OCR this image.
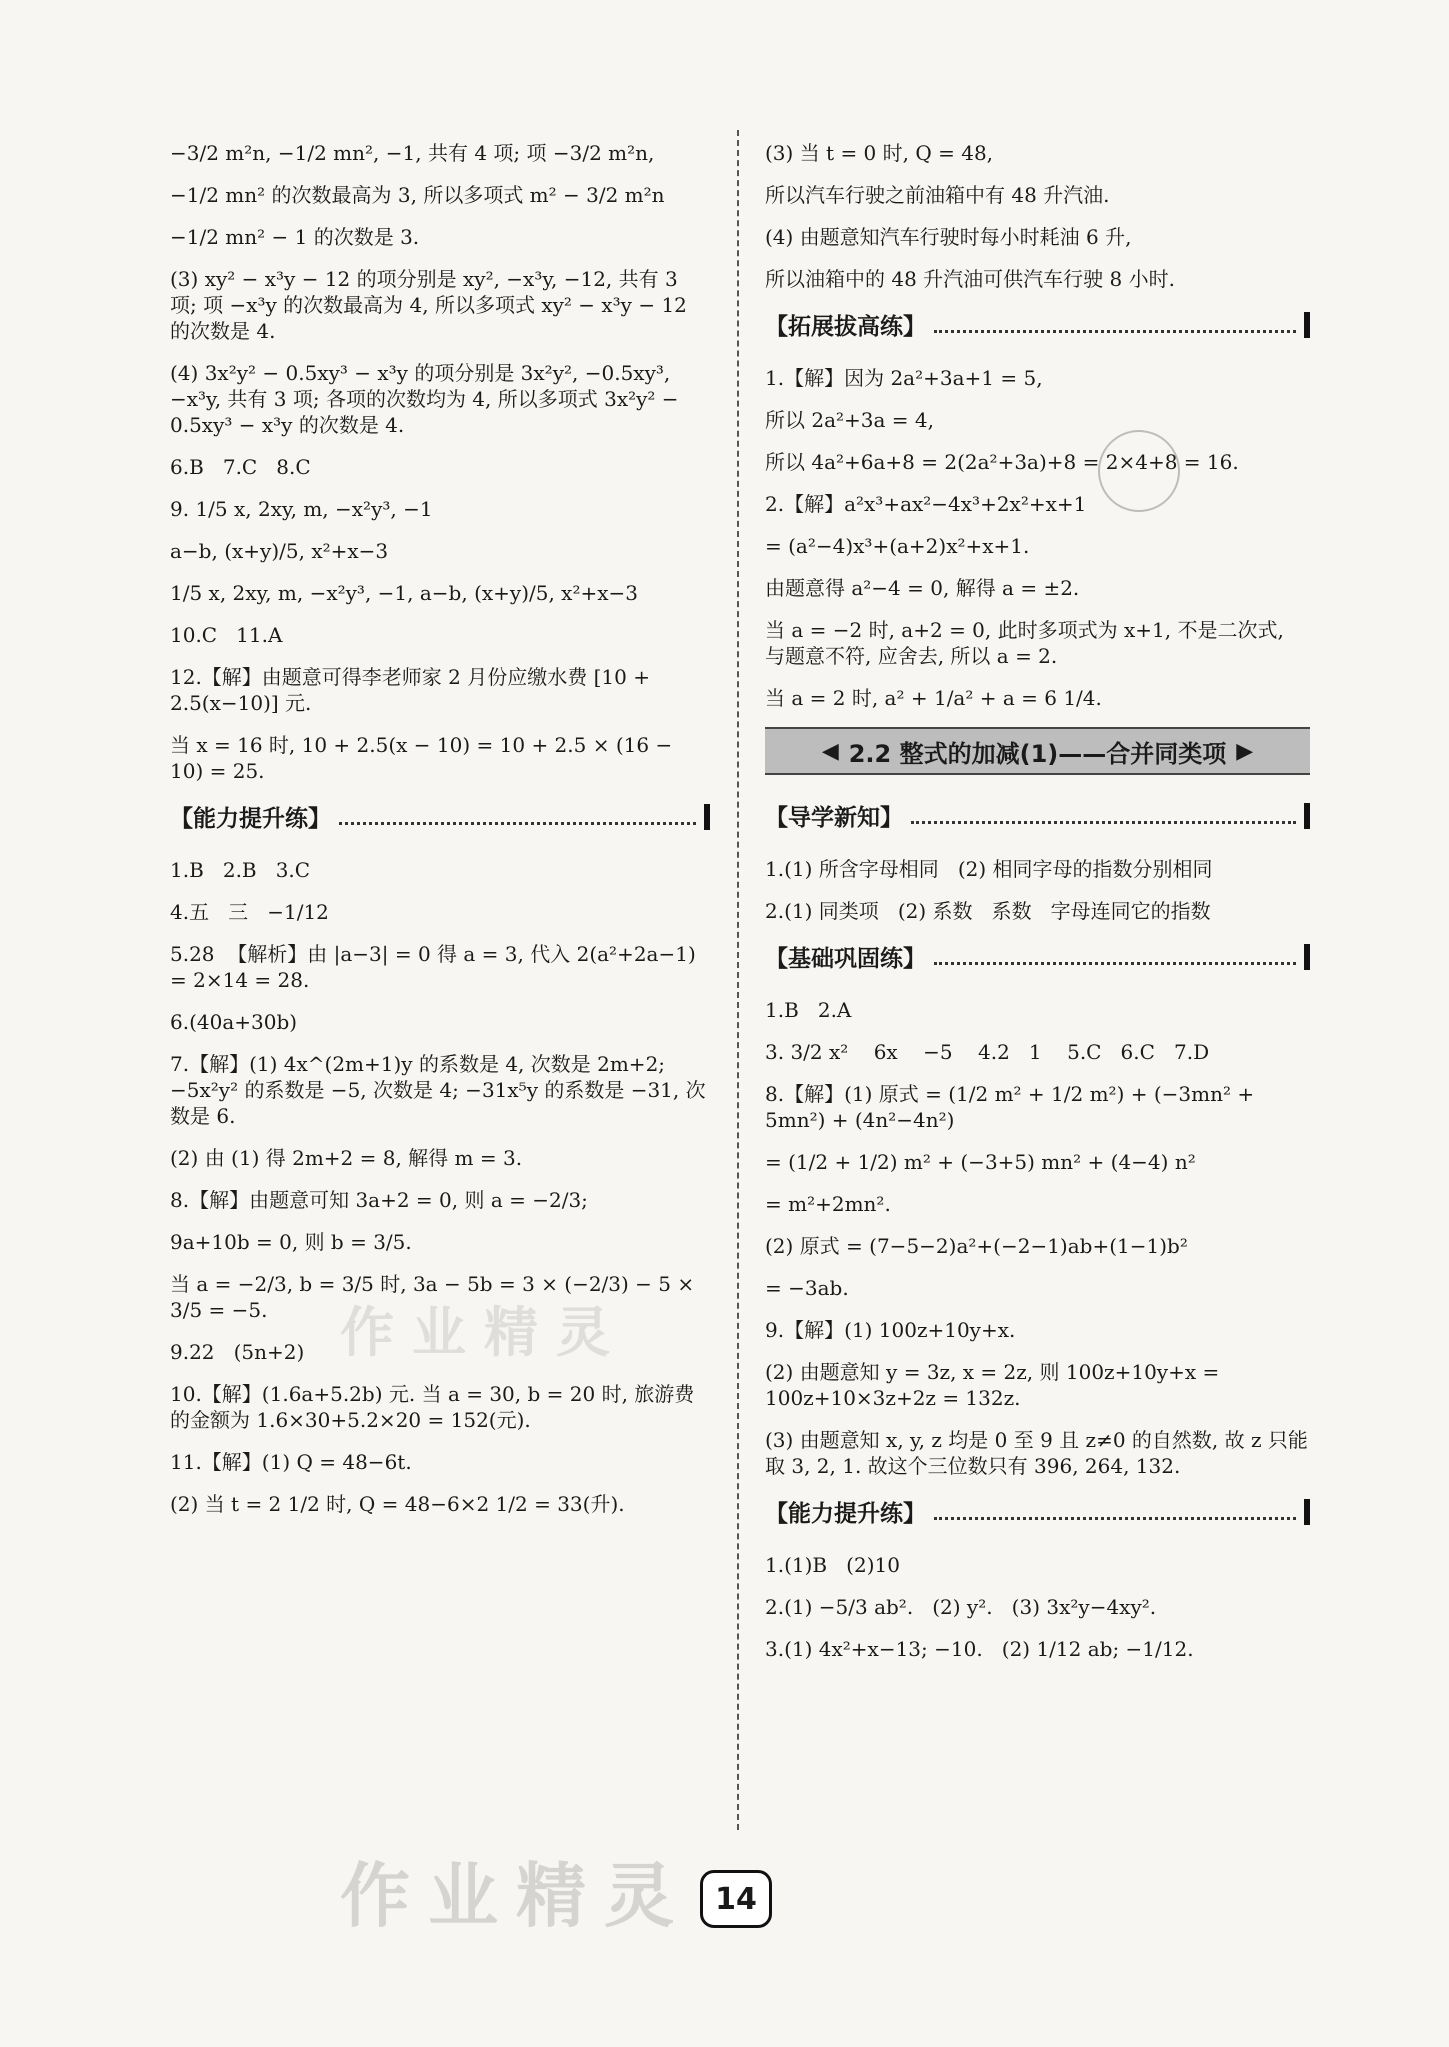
−3/2 m²n, −1/2 mn², −1, 共有 4 项; 项 −3/2 m²n,
−1/2 mn² 的次数最高为 3, 所以多项式 m² − 3/2 m²n
−1/2 mn² − 1 的次数是 3.
(3) xy² − x³y − 12 的项分别是 xy², −x³y, −12, 共有 3 项; 项 −x³y 的次数最高为 4, 所以多项式 xy² − x³y − 12 的次数是 4.
(4) 3x²y² − 0.5xy³ − x³y 的项分别是 3x²y², −0.5xy³, −x³y, 共有 3 项; 各项的次数均为 4, 所以多项式 3x²y² − 0.5xy³ − x³y 的次数是 4.
6.B   7.C   8.C
9. 1/5 x, 2xy, m, −x²y³, −1
a−b, (x+y)/5, x²+x−3
1/5 x, 2xy, m, −x²y³, −1, a−b, (x+y)/5, x²+x−3
10.C   11.A
12.【解】由题意可得李老师家 2 月份应缴水费 [10 + 2.5(x−10)] 元.
当 x = 16 时, 10 + 2.5(x − 10) = 10 + 2.5 × (16 − 10) = 25.
【能力提升练】
1.B   2.B   3.C
4.五   三   −1/12
5.28  【解析】由 |a−3| = 0 得 a = 3, 代入 2(a²+2a−1) = 2×14 = 28.
6.(40a+30b)
7.【解】(1) 4x^(2m+1)y 的系数是 4, 次数是 2m+2; −5x²y² 的系数是 −5, 次数是 4; −31x⁵y 的系数是 −31, 次数是 6.
(2) 由 (1) 得 2m+2 = 8, 解得 m = 3.
8.【解】由题意可知 3a+2 = 0, 则 a = −2/3;
9a+10b = 0, 则 b = 3/5.
当 a = −2/3, b = 3/5 时, 3a − 5b = 3 × (−2/3) − 5 × 3/5 = −5.
9.22   (5n+2)
10.【解】(1.6a+5.2b) 元. 当 a = 30, b = 20 时, 旅游费的金额为 1.6×30+5.2×20 = 152(元).
11.【解】(1) Q = 48−6t.
(2) 当 t = 2 1/2 时, Q = 48−6×2 1/2 = 33(升).
(3) 当 t = 0 时, Q = 48,
所以汽车行驶之前油箱中有 48 升汽油.
(4) 由题意知汽车行驶时每小时耗油 6 升,
所以油箱中的 48 升汽油可供汽车行驶 8 小时.
【拓展拔高练】
1.【解】因为 2a²+3a+1 = 5,
所以 2a²+3a = 4,
所以 4a²+6a+8 = 2(2a²+3a)+8 = 2×4+8 = 16.
2.【解】a²x³+ax²−4x³+2x²+x+1
= (a²−4)x³+(a+2)x²+x+1.
由题意得 a²−4 = 0, 解得 a = ±2.
当 a = −2 时, a+2 = 0, 此时多项式为 x+1, 不是二次式, 与题意不符, 应舍去, 所以 a = 2.
当 a = 2 时, a² + 1/a² + a = 6 1/4.
◀ 2.2 整式的加减(1)——合并同类项 ▶
【导学新知】
1.(1) 所含字母相同   (2) 相同字母的指数分别相同
2.(1) 同类项   (2) 系数   系数   字母连同它的指数
【基础巩固练】
1.B   2.A
3. 3/2 x²    6x    −5    4.2   1    5.C   6.C   7.D
8.【解】(1) 原式 = (1/2 m² + 1/2 m²) + (−3mn² + 5mn²) + (4n²−4n²)
= (1/2 + 1/2) m² + (−3+5) mn² + (4−4) n²
= m²+2mn².
(2) 原式 = (7−5−2)a²+(−2−1)ab+(1−1)b²
= −3ab.
9.【解】(1) 100z+10y+x.
(2) 由题意知 y = 3z, x = 2z, 则 100z+10y+x = 100z+10×3z+2z = 132z.
(3) 由题意知 x, y, z 均是 0 至 9 且 z≠0 的自然数, 故 z 只能取 3, 2, 1. 故这个三位数只有 396, 264, 132.
【能力提升练】
1.(1)B   (2)10
2.(1) −5/3 ab².   (2) y².   (3) 3x²y−4xy².
3.(1) 4x²+x−13; −10.   (2) 1/12 ab; −1/12.
作业精灵
作业精灵 14
